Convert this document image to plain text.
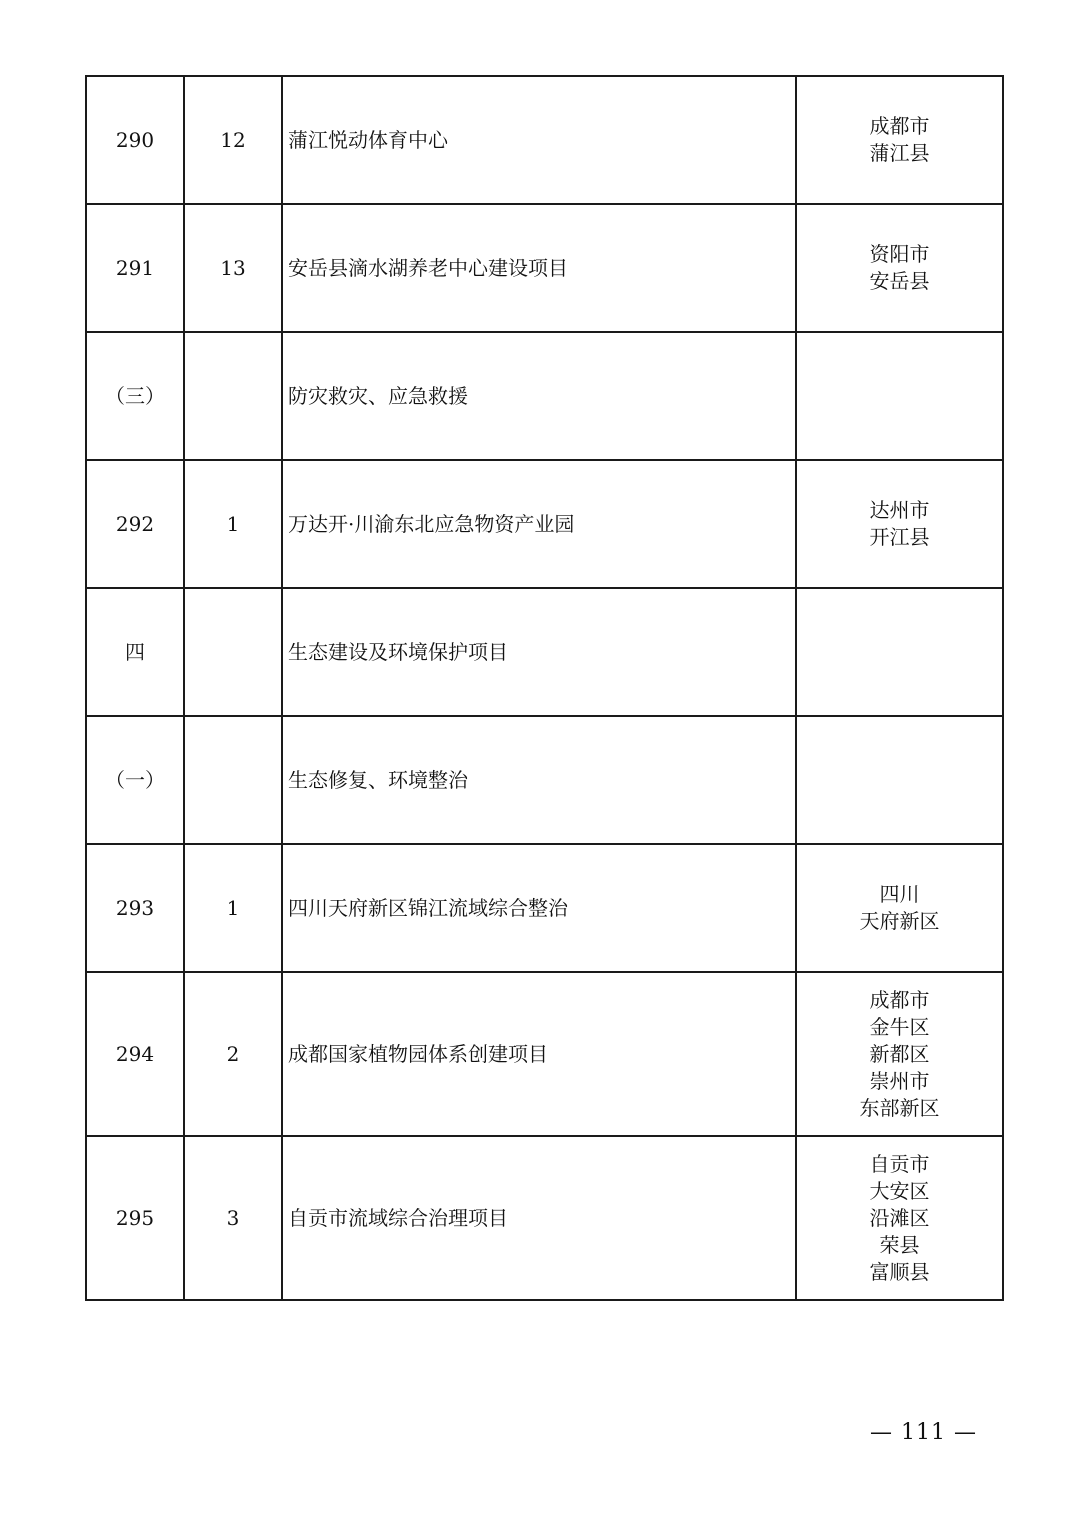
290	12	蒲江悦动体育中心	成都市
蒲江县

291	13	安岳县滴水湖养老中心建设项目	资阳市
安岳县

（三）		防灾救灾、应急救援	
292	1	万达开·川渝东北应急物资产业园	达州市
开江县

四		生态建设及环境保护项目	
（一）		生态修复、环境整治	
293	1	四川天府新区锦江流域综合整治	四川
天府新区

294	2	成都国家植物园体系创建项目	成都市
金牛区
新都区
崇州市
东部新区

295	3	自贡市流域综合治理项目	自贡市
大安区
沿滩区
荣县
富顺县
— 111 —
